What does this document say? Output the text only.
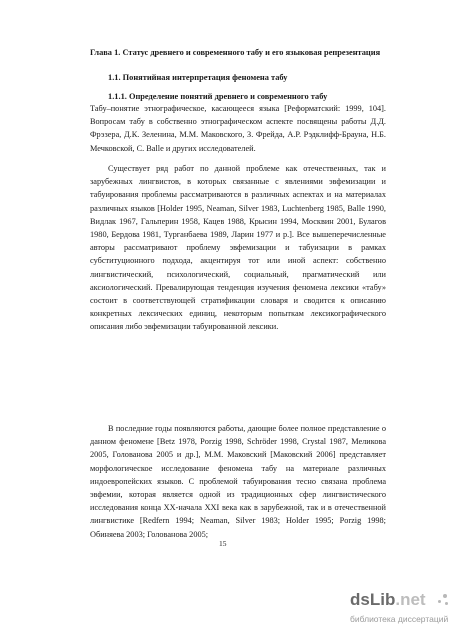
Глава 1. Статус древнего и современного табу и его языковая репрезентация
1.1. Понятийная интерпретация феномена табу
1.1.1. Определение понятий древнего и современного табу
Табу–понятие этнографическое, касающееся языка [Реформатский: 1999, 104]. Вопросам табу в собственно этнографическом аспекте посвящены работы Д.Д. Фрэзера, Д.К. Зеленина, М.М. Маковского, З. Фрейда, А.Р. Рэдклифф-Брауна, Н.Б. Мечковской, C. Balle и других исследователей.
Существует ряд работ по данной проблеме как отечественных, так и зарубежных лингвистов, в которых связанные с явлениями эвфемизации и табуирования проблемы рассматриваются в различных аспектах и на материалах различных языков [Holder 1995, Neaman, Silver 1983, Luchtenberg 1985, Balle 1990, Видлак 1967, Гальперин 1958, Кацев 1988, Крысин 1994, Москвин 2001, Булагов 1980, Бердова 1981, Турганбаева 1989, Ларин 1977 и р.]. Все вышеперечисленные авторы рассматривают проблему эвфемизации и табуизации в рамках субституционного подхода, акцентируя тот или иной аспект: собственно лингвистический, психологический, социальный, прагматический или аксиологический. Превалирующая тенденция изучения феномена лексики «табу» состоит в соответствующей стратификации словаря и сводится к описанию конкретных лексических единиц, некоторым попыткам лексикографического описания либо эвфемизации табуированной лексики.
В последние годы появляются работы, дающие более полное представление о данном феномене [Betz 1978, Porzig 1998, Schröder 1998, Crystal 1987, Меликова 2005, Голованова 2005 и др.], М.М. Маковский [Маковский 2006] представляет морфологическое исследование феномена табу на материале различных индоевропейских языков. С проблемой табуирования тесно связана проблема эвфемии, которая является одной из традиционных сфер лингвистического исследования конца XX-начала XXI века как в зарубежной, так и в отечественной лингвистике [Redfern 1994; Neaman, Silver 1983; Holder 1995; Porzig 1998; Обиняева 2003; Голованова 2005;
15
dsLib.net
библиотека диссертаций
